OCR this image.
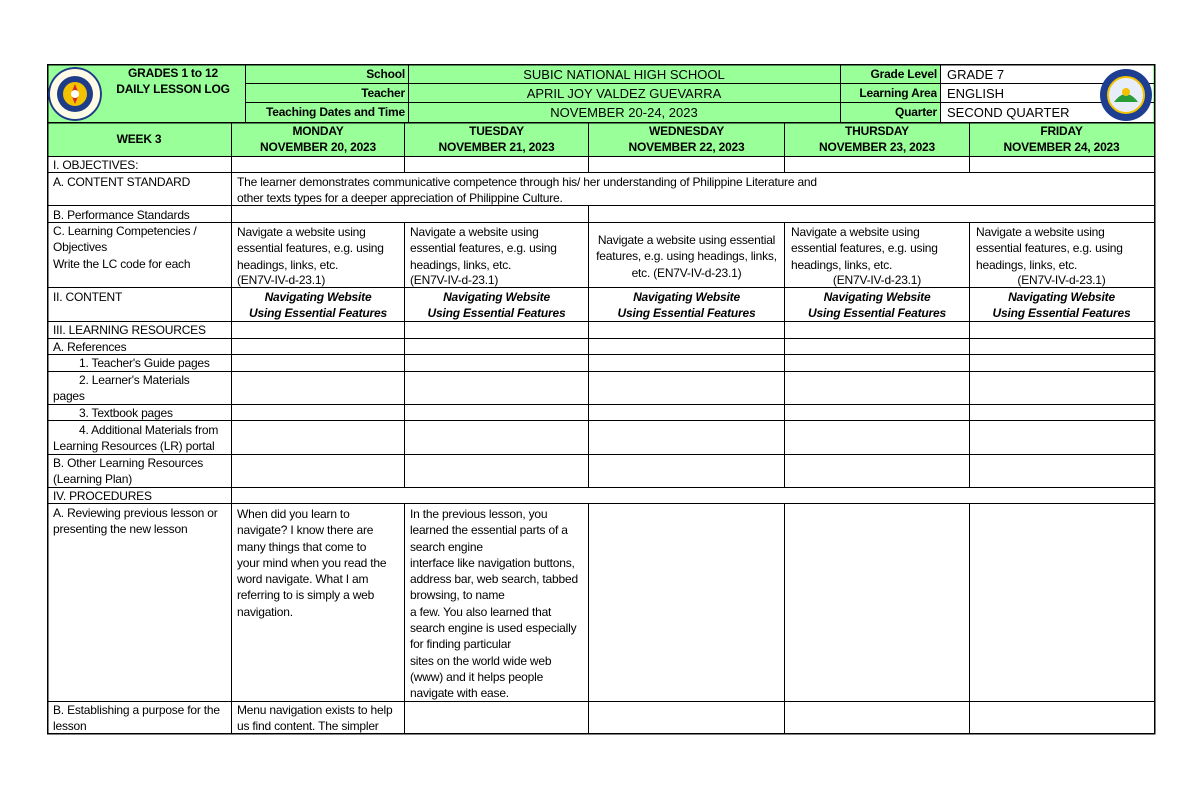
GRADES 1 to 12
DAILY LESSON LOG
School
Teacher
Teaching Dates and Time
SUBIC NATIONAL HIGH SCHOOL
APRIL JOY VALDEZ GUEVARRA
NOVEMBER 20-24, 2023
Grade Level
Learning Area
Quarter
GRADE 7
ENGLISH
SECOND QUARTER
WEEK 3
MONDAY
NOVEMBER 20, 2023
TUESDAY
NOVEMBER 21, 2023
WEDNESDAY
NOVEMBER 22, 2023
THURSDAY
NOVEMBER 23, 2023
FRIDAY
NOVEMBER 24, 2023
I. OBJECTIVES:
A. CONTENT STANDARD
B. Performance Standards
C. Learning Competencies /
Objectives
Write the LC code for each
II. CONTENT
III. LEARNING RESOURCES
A. References
1. Teacher's Guide pages
2. Learner's Materials
pages
3. Textbook pages
4. Additional Materials from
Learning Resources (LR) portal
B. Other Learning Resources
(Learning Plan)
IV. PROCEDURES
A. Reviewing previous lesson or
presenting the new lesson
B. Establishing a purpose for the
lesson
The learner demonstrates communicative competence through his/ her understanding of Philippine Literature and
other texts types for a deeper appreciation of Philippine Culture.
Navigate a website using
essential features, e.g. using
headings, links, etc.
(EN7V-IV-d-23.1)
Navigate a website using
essential features, e.g. using
headings, links, etc.
(EN7V-IV-d-23.1)
Navigate a website using essential
features, e.g. using headings, links,
etc. (EN7V-IV-d-23.1)
Navigate a website using
essential features, e.g. using
headings, links, etc.
(EN7V-IV-d-23.1)
Navigate a website using
essential features, e.g. using
headings, links, etc.
(EN7V-IV-d-23.1)
Navigating Website
Using Essential Features
Navigating Website
Using Essential Features
Navigating Website
Using Essential Features
Navigating Website
Using Essential Features
Navigating Website
Using Essential Features
When did you learn to
navigate? I know there are
many things that come to
your mind when you read the
word navigate. What I am
referring to is simply a web
navigation.
In the previous lesson, you
learned the essential parts of a
search engine
interface like navigation buttons,
address bar, web search, tabbed
browsing, to name
a few. You also learned that
search engine is used especially
for finding particular
sites on the world wide web
(www) and it helps people
navigate with ease.
Menu navigation exists to help
us find content. The simpler
